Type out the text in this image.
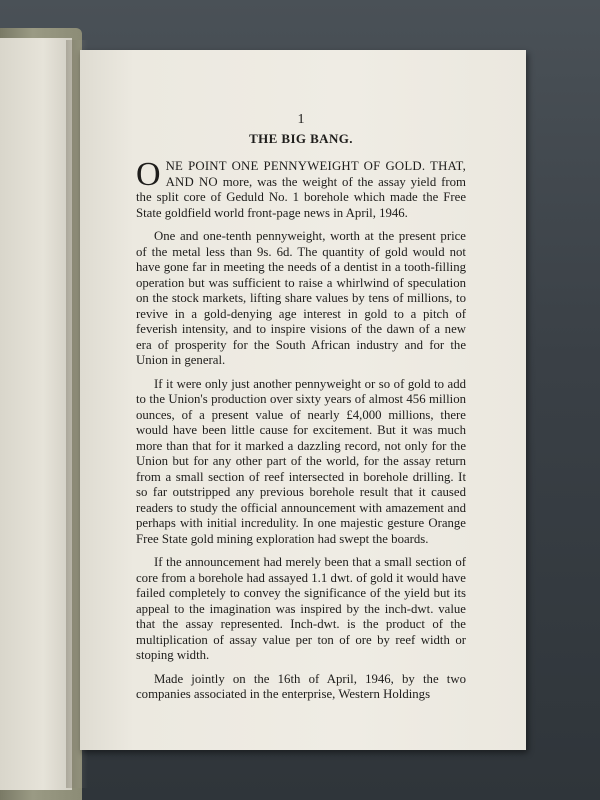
1
THE BIG BANG.

ONE POINT ONE PENNYWEIGHT OF GOLD. THAT, AND NO more, was the weight of the assay yield from the split core of Geduld No. 1 borehole which made the Free State goldfield world front-page news in April, 1946.

One and one-tenth pennyweight, worth at the present price of the metal less than 9s. 6d. The quantity of gold would not have gone far in meeting the needs of a dentist in a tooth-filling operation but was sufficient to raise a whirlwind of speculation on the stock markets, lifting share values by tens of millions, to revive in a gold-denying age interest in gold to a pitch of feverish intensity, and to inspire visions of the dawn of a new era of prosperity for the South African industry and for the Union in general.

If it were only just another pennyweight or so of gold to add to the Union's production over sixty years of almost 456 million ounces, of a present value of nearly £4,000 millions, there would have been little cause for excitement. But it was much more than that for it marked a dazzling record, not only for the Union but for any other part of the world, for the assay return from a small section of reef intersected in borehole drilling. It so far outstripped any previous borehole result that it caused readers to study the official announcement with amazement and perhaps with initial incredulity. In one majestic gesture Orange Free State gold mining exploration had swept the boards.

If the announcement had merely been that a small section of core from a borehole had assayed 1.1 dwt. of gold it would have failed completely to convey the significance of the yield but its appeal to the imagination was inspired by the inch-dwt. value that the assay represented. Inch-dwt. is the product of the multiplication of assay value per ton of ore by reef width or stoping width.

Made jointly on the 16th of April, 1946, by the two companies associated in the enterprise, Western Holdings
